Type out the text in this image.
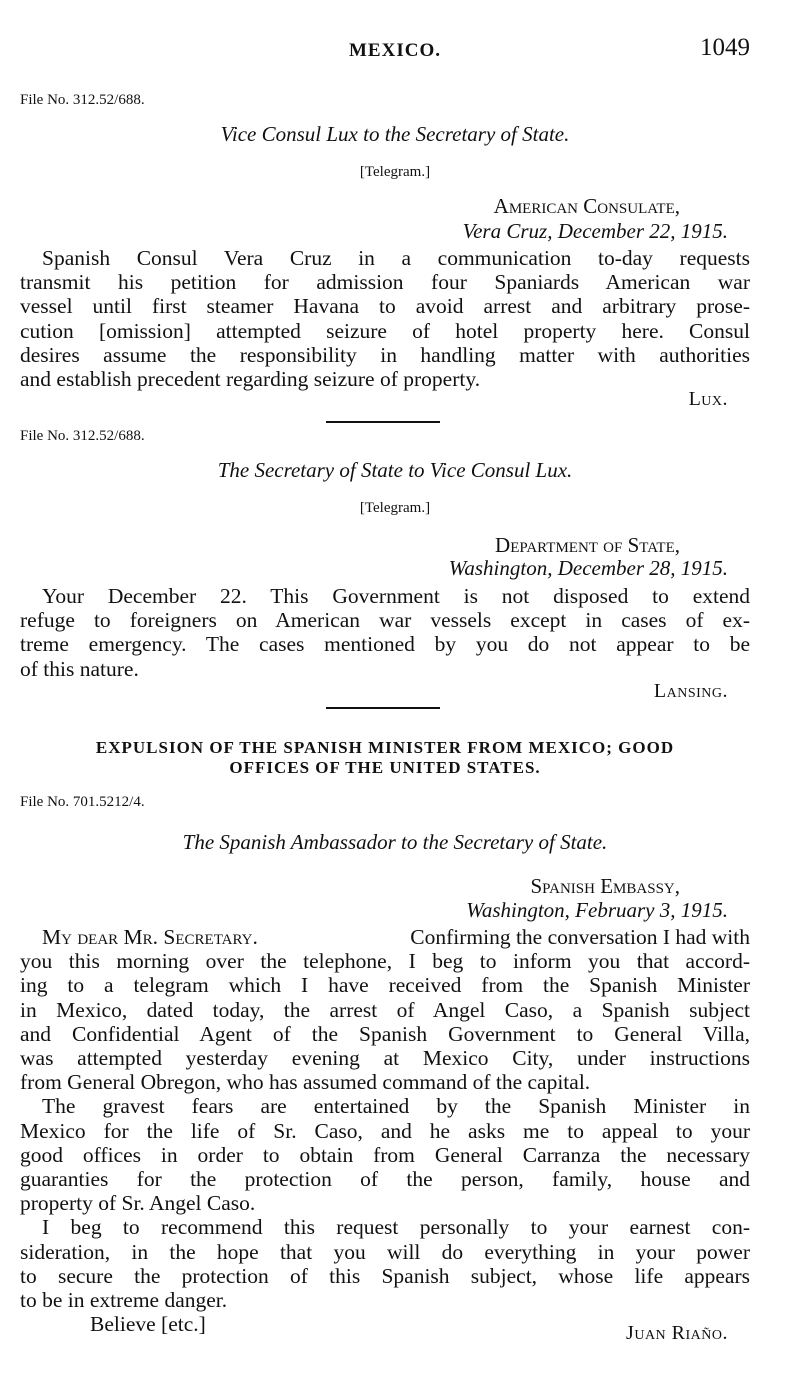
MEXICO.	1049
File No. 312.52/688.
Vice Consul Lux to the Secretary of State.
[Telegram.]
American Consulate,
Vera Cruz, December 22, 1915.
Spanish Consul Vera Cruz in a communication to-day requests
transmit his petition for admission four Spaniards American war
vessel until first steamer Havana to avoid arrest and arbitrary prose-
cution [omission] attempted seizure of hotel property here. Consul
desires assume the responsibility in handling matter with authorities
and establish precedent regarding seizure of property.
Lux.
File No. 312.52/688.
The Secretary of State to Vice Consul Lux.
[Telegram.]
Department of State,
Washington, December 28, 1915.
Your December 22. This Government is not disposed to extend
refuge to foreigners on American war vessels except in cases of ex-
treme emergency. The cases mentioned by you do not appear to be
of this nature.
Lansing.
EXPULSION OF THE SPANISH MINISTER FROM MEXICO; GOOD
OFFICES OF THE UNITED STATES.
File No. 701.5212/4.
The Spanish Ambassador to the Secretary of State.
Spanish Embassy,
Washington, February 3, 1915.
My dear Mr. Secretary.	Confirming the conversation I had with
you this morning over the telephone, I beg to inform you that accord-
ing to a telegram which I have received from the Spanish Minister
in Mexico, dated today, the arrest of Angel Caso, a Spanish subject
and Confidential Agent of the Spanish Government to General Villa,
was attempted yesterday evening at Mexico City, under instructions
from General Obregon, who has assumed command of the capital.
The gravest fears are entertained by the Spanish Minister in
Mexico for the life of Sr. Caso, and he asks me to appeal to your
good offices in order to obtain from General Carranza the necessary
guaranties for the protection of the person, family, house and
property of Sr. Angel Caso.
I beg to recommend this request personally to your earnest con-
sideration, in the hope that you will do everything in your power
to secure the protection of this Spanish subject, whose life appears
to be in extreme danger.
Believe [etc.]	Juan Riaño.
